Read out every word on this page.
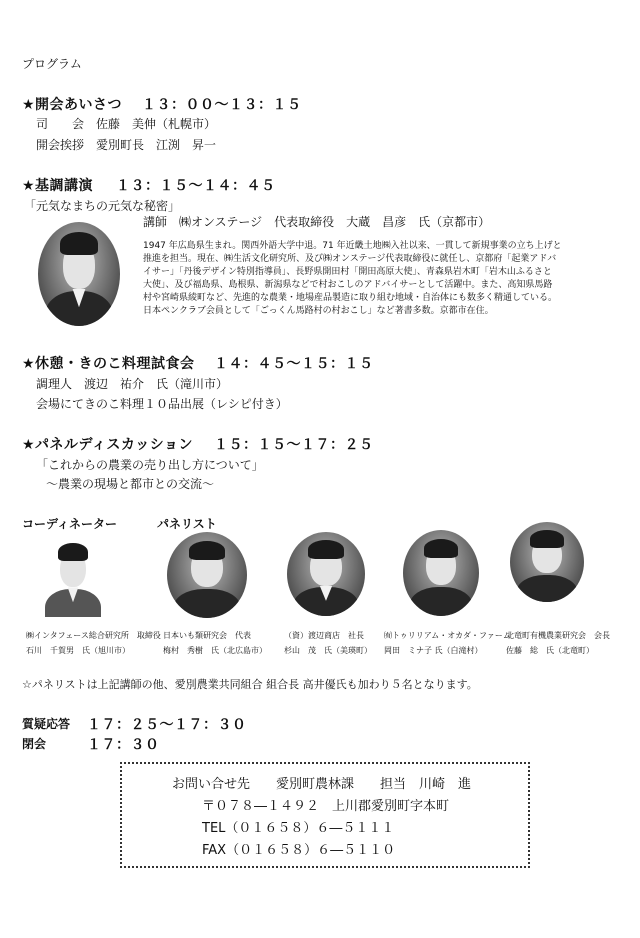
プログラム
★開会あいさつ １３：００～１３：１５
司　　会　佐藤　美伸（札幌市）
開会挨拶　愛別町長　江渕　昇一
★基調講演 １３：１５～１４：４５
「元気なまちの元気な秘密」
講師　㈱オンステージ　代表取締役　大蔵　昌彦　氏（京都市）
1947 年広島県生まれ。関西外語大学中退。71 年近畿土地㈱入社以来、一貫して新規事業の立ち上げと
推進を担当。現在、㈱生活文化研究所、及び㈱オンステージ代表取締役に就任し、京都府「起業アドバ
イサー」「丹後デザイン特別指導員」、長野県開田村「開田高原大使」、青森県岩木町「岩木山ふるさと
大使」、及び福島県、島根県、新潟県などで村おこしのアドバイサーとして活躍中。また、高知県馬路
村や宮崎県綾町など、先進的な農業・地場産品製造に取り組む地域・自治体にも数多く精通している。
日本ペンクラブ会員として「ごっくん馬路村の村おこし」など著書多数。京都市在住。
★休憩・きのこ料理試食会 １４：４５～１５：１５
調理人　渡辺　祐介　氏（滝川市）
会場にてきのこ料理１０品出展（レシピ付き）
★パネルディスカッション １５：１５～１７：２５
「これからの農業の売り出し方について」
～農業の現場と都市との交流～
コーディネーター	パネリスト
㈱インタフェース総合研究所　取締役
石川　千賀男　氏（旭川市）
日本いも類研究会　代表
梅村　秀樹　氏（北広島市）
（資）渡辺商店　社長
杉山　茂　氏（美瑛町）
㈲トゥリリアム・オカダ・ファーム
岡田　ミナ子 氏（白滝村）
北竜町有機農業研究会　会長
佐藤　総　氏（北竜町）
☆パネリストは上記講師の他、愛別農業共同組合 組合長 高井優氏も加わり５名となります。
質疑応答 １７：２５～１７：３０
閉会	１７：３０
お問い合せ先　　愛別町農林課　　担当　川崎　進
〒０７８―１４９２　上川郡愛別町字本町
TEL（０１６５８）６―５１１１
FAX（０１６５８）６―５１１０
